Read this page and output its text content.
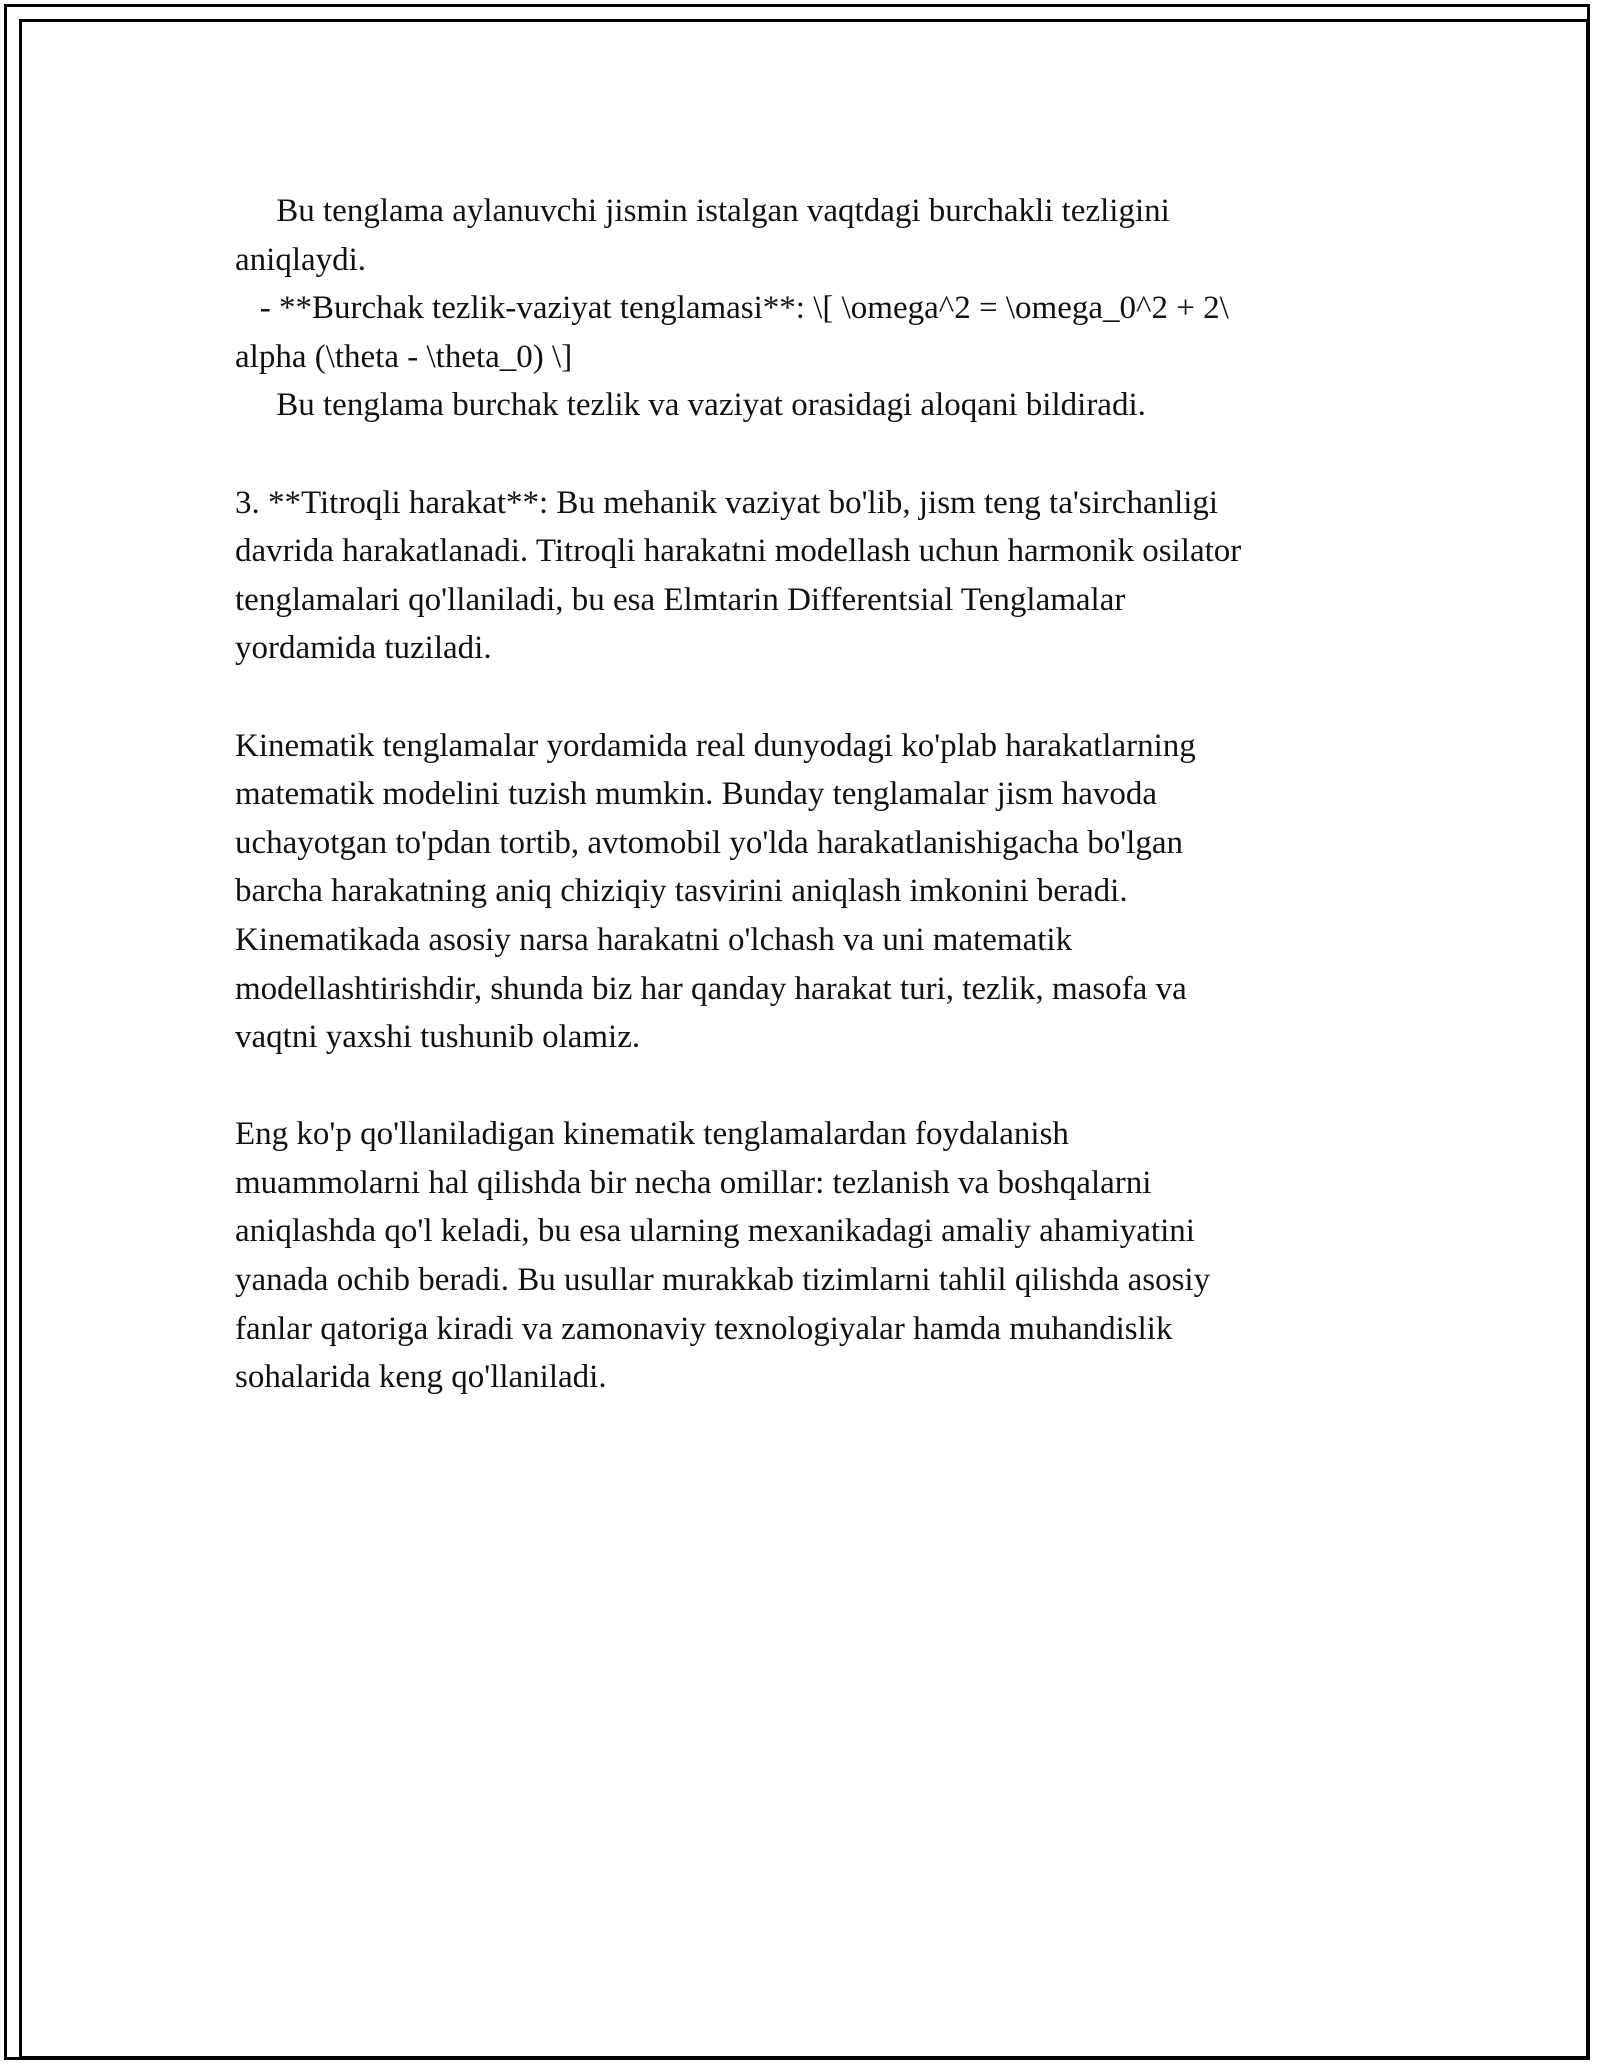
Bu tenglama aylanuvchi jismin istalgan vaqtdagi burchakli tezligini
aniqlaydi.
- **Burchak tezlik-vaziyat tenglamasi**: \[ \omega^2 = \omega_0^2 + 2\
alpha (\theta - \theta_0) \]
Bu tenglama burchak tezlik va vaziyat orasidagi aloqani bildiradi.
3. **Titroqli harakat**: Bu mehanik vaziyat bo'lib, jism teng ta'sirchanligi
davrida harakatlanadi. Titroqli harakatni modellash uchun harmonik osilator
tenglamalari qo'llaniladi, bu esa Elmtarin Differentsial Tenglamalar
yordamida tuziladi.
Kinematik tenglamalar yordamida real dunyodagi ko'plab harakatlarning
matematik modelini tuzish mumkin. Bunday tenglamalar jism havoda
uchayotgan to'pdan tortib, avtomobil yo'lda harakatlanishigacha bo'lgan
barcha harakatning aniq chiziqiy tasvirini aniqlash imkonini beradi.
Kinematikada asosiy narsa harakatni o'lchash va uni matematik
modellashtirishdir, shunda biz har qanday harakat turi, tezlik, masofa va
vaqtni yaxshi tushunib olamiz.
Eng ko'p qo'llaniladigan kinematik tenglamalardan foydalanish
muammolarni hal qilishda bir necha omillar: tezlanish va boshqalarni
aniqlashda qo'l keladi, bu esa ularning mexanikadagi amaliy ahamiyatini
yanada ochib beradi. Bu usullar murakkab tizimlarni tahlil qilishda asosiy
fanlar qatoriga kiradi va zamonaviy texnologiyalar hamda muhandislik
sohalarida keng qo'llaniladi.
